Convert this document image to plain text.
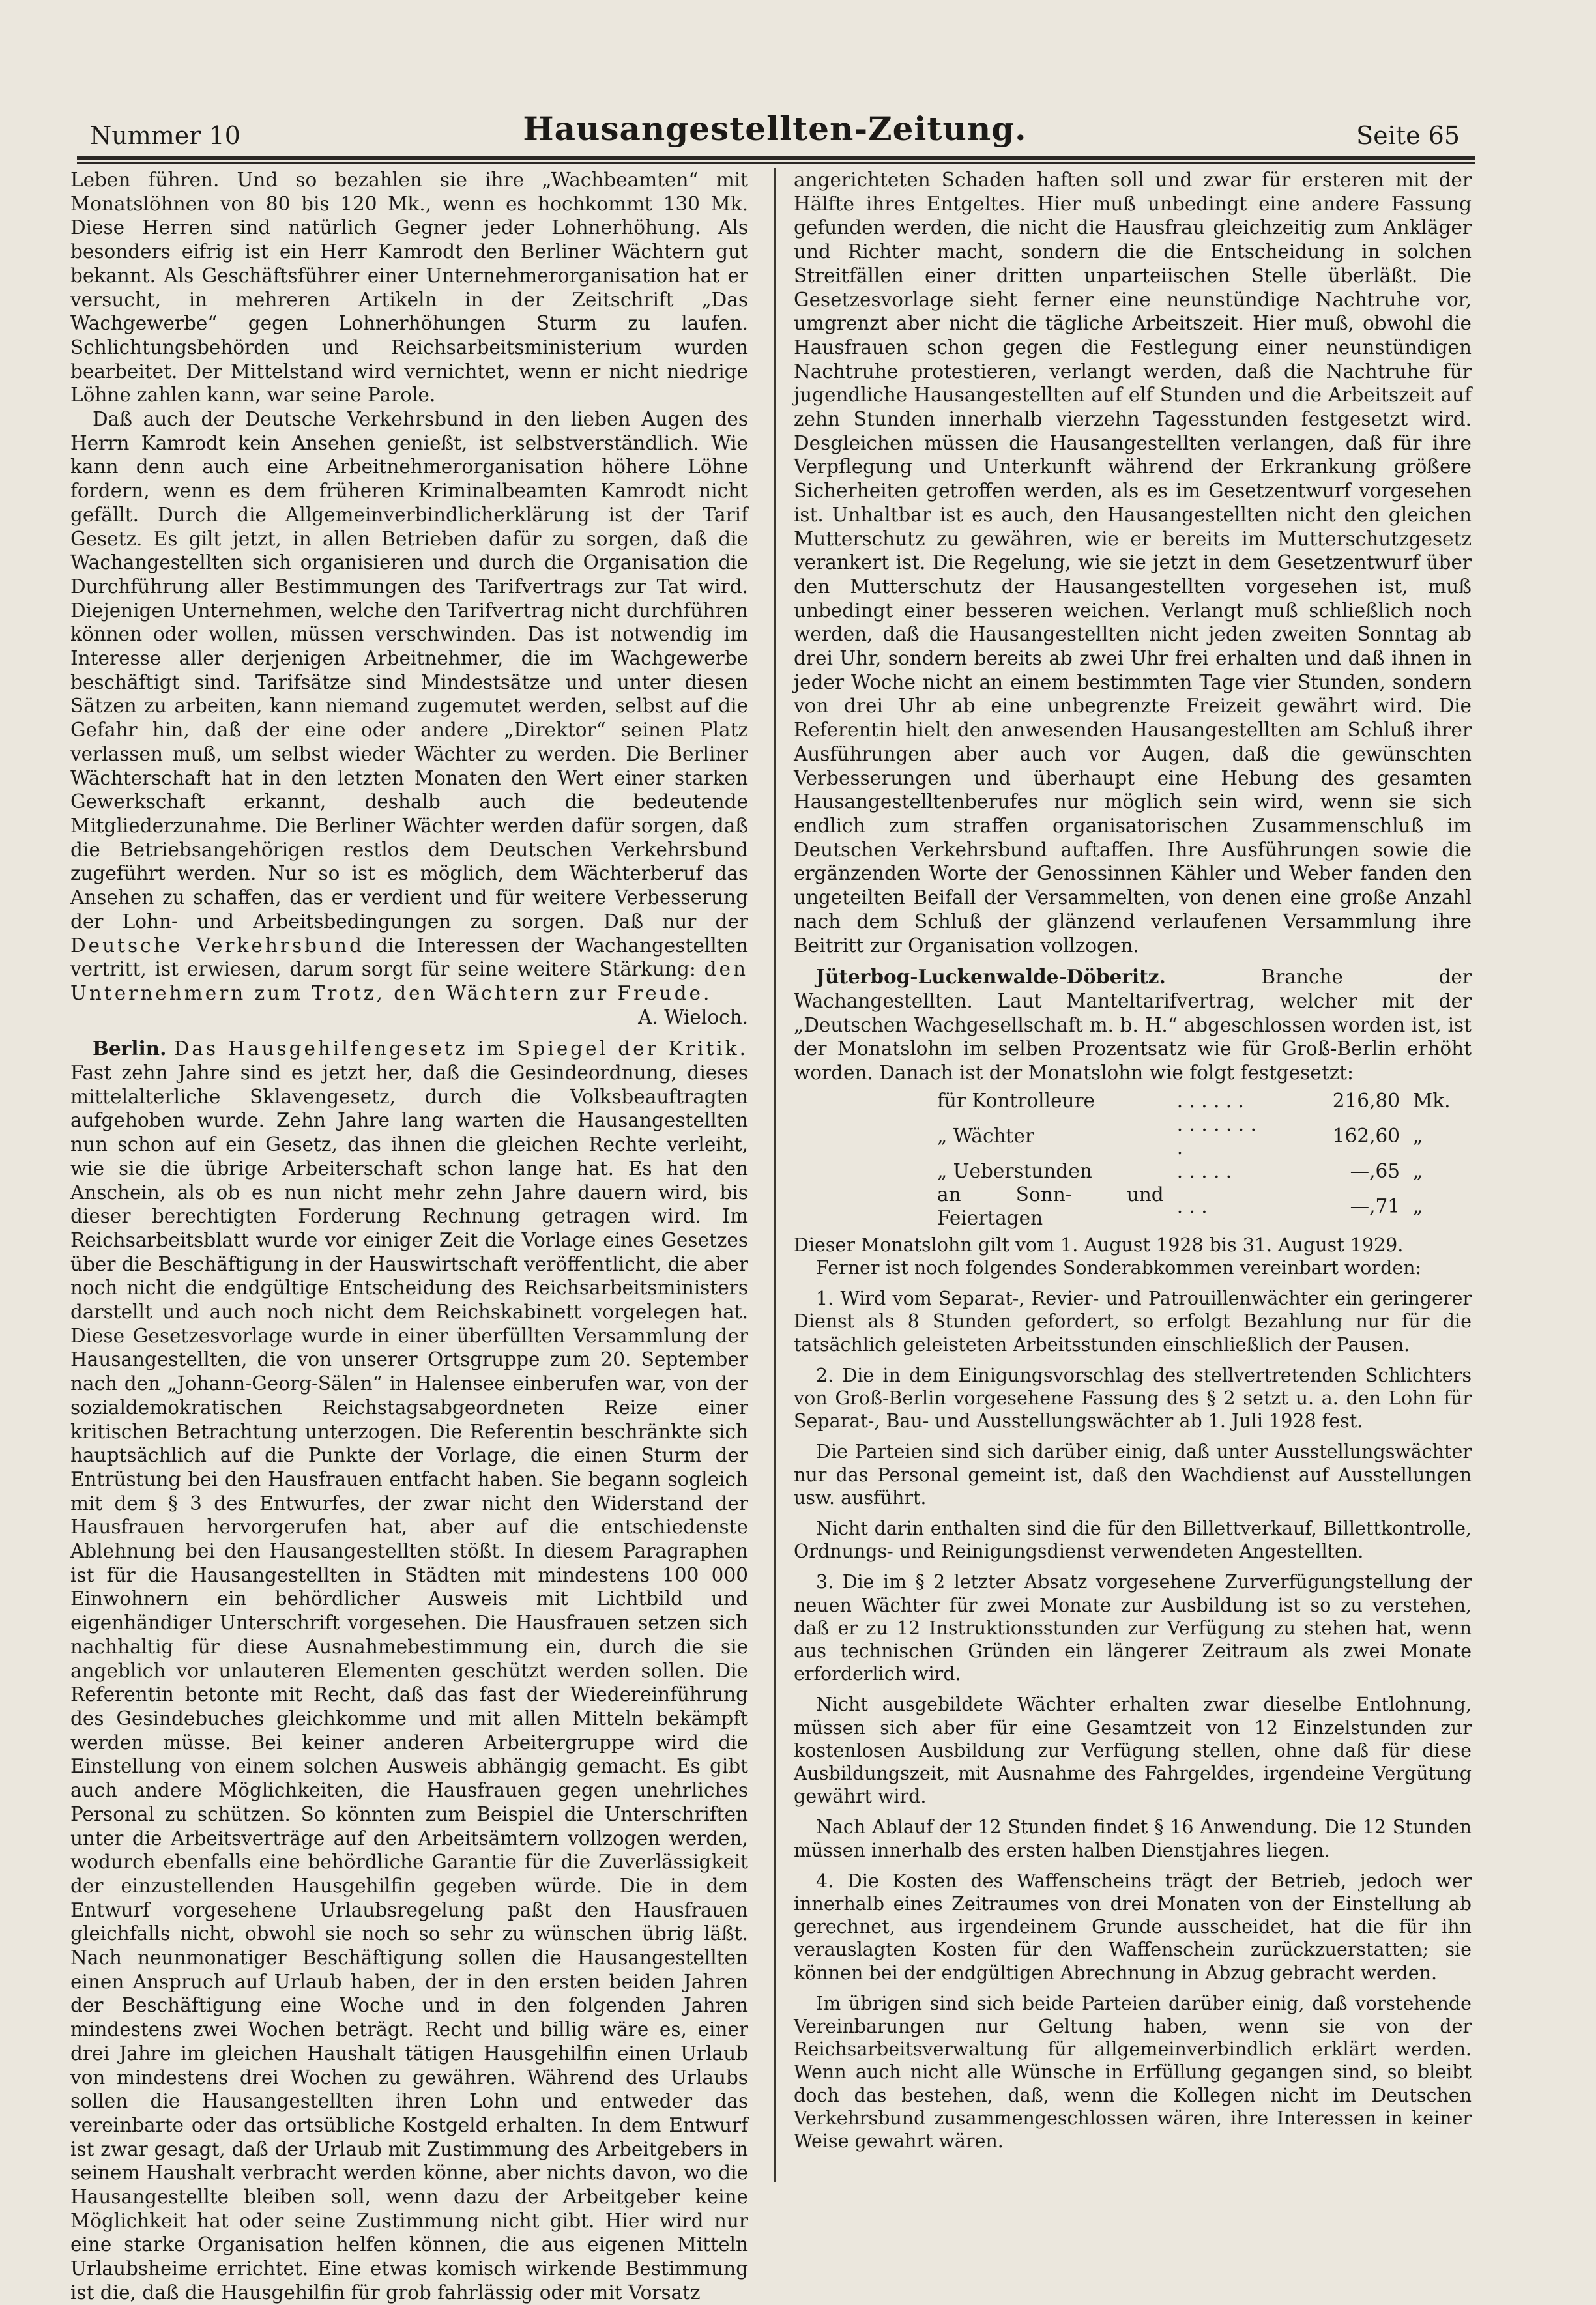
Nummer 10	Hausangestellten-Zeitung.	Seite 65

Leben führen. Und so bezahlen sie ihre „Wachbeamten“ mit Monatslöhnen von 80 bis 120 Mk., wenn es hochkommt 130 Mk. Diese Herren sind natürlich Gegner jeder Lohnerhöhung. Als besonders eifrig ist ein Herr Kamrodt den Berliner Wächtern gut bekannt. Als Geschäftsführer einer Unternehmerorganisation hat er versucht, in mehreren Artikeln in der Zeitschrift „Das Wachgewerbe“ gegen Lohnerhöhungen Sturm zu laufen. Schlichtungsbehörden und Reichsarbeitsministerium wurden bearbeitet. Der Mittelstand wird vernichtet, wenn er nicht niedrige Löhne zahlen kann, war seine Parole.

Daß auch der Deutsche Verkehrsbund in den lieben Augen des Herrn Kamrodt kein Ansehen genießt, ist selbstverständlich. Wie kann denn auch eine Arbeitnehmerorganisation höhere Löhne fordern, wenn es dem früheren Kriminalbeamten Kamrodt nicht gefällt. Durch die Allgemeinverbindlicherklärung ist der Tarif Gesetz. Es gilt jetzt, in allen Betrieben dafür zu sorgen, daß die Wachangestellten sich organisieren und durch die Organisation die Durchführung aller Bestimmungen des Tarifvertrags zur Tat wird. Diejenigen Unternehmen, welche den Tarifvertrag nicht durchführen können oder wollen, müssen verschwinden. Das ist notwendig im Interesse aller derjenigen Arbeitnehmer, die im Wachgewerbe beschäftigt sind. Tarifsätze sind Mindestsätze und unter diesen Sätzen zu arbeiten, kann niemand zugemutet werden, selbst auf die Gefahr hin, daß der eine oder andere „Direktor“ seinen Platz verlassen muß, um selbst wieder Wächter zu werden. Die Berliner Wächterschaft hat in den letzten Monaten den Wert einer starken Gewerkschaft erkannt, deshalb auch die bedeutende Mitgliederzunahme. Die Berliner Wächter werden dafür sorgen, daß die Betriebsangehörigen restlos dem Deutschen Verkehrsbund zugeführt werden. Nur so ist es möglich, dem Wächterberuf das Ansehen zu schaffen, das er verdient und für weitere Verbesserung der Lohn- und Arbeitsbedingungen zu sorgen. Daß nur der Deutsche Verkehrsbund die Interessen der Wachangestellten vertritt, ist erwiesen, darum sorgt für seine weitere Stärkung: den Unternehmern zum Trotz, den Wächtern zur Freude.

A. Wieloch.

Berlin. Das Hausgehilfengesetz im Spiegel der Kritik. Fast zehn Jahre sind es jetzt her, daß die Gesindeordnung, dieses mittelalterliche Sklavengesetz, durch die Volksbeauftragten aufgehoben wurde. Zehn Jahre lang warten die Hausangestellten nun schon auf ein Gesetz, das ihnen die gleichen Rechte verleiht, wie sie die übrige Arbeiterschaft schon lange hat. Es hat den Anschein, als ob es nun nicht mehr zehn Jahre dauern wird, bis dieser berechtigten Forderung Rechnung getragen wird. Im Reichsarbeitsblatt wurde vor einiger Zeit die Vorlage eines Gesetzes über die Beschäftigung in der Hauswirtschaft veröffentlicht, die aber noch nicht die endgültige Entscheidung des Reichsarbeitsministers darstellt und auch noch nicht dem Reichskabinett vorgelegen hat. Diese Gesetzesvorlage wurde in einer überfüllten Versammlung der Hausangestellten, die von unserer Ortsgruppe zum 20. September nach den „Johann-Georg-Sälen“ in Halensee einberufen war, von der sozialdemokratischen Reichstagsabgeordneten Reize einer kritischen Betrachtung unterzogen. Die Referentin beschränkte sich hauptsächlich auf die Punkte der Vorlage, die einen Sturm der Entrüstung bei den Hausfrauen entfacht haben. Sie begann sogleich mit dem § 3 des Entwurfes, der zwar nicht den Widerstand der Hausfrauen hervorgerufen hat, aber auf die entschiedenste Ablehnung bei den Hausangestellten stößt. In diesem Paragraphen ist für die Hausangestellten in Städten mit mindestens 100 000 Einwohnern ein behördlicher Ausweis mit Lichtbild und eigenhändiger Unterschrift vorgesehen. Die Hausfrauen setzen sich nachhaltig für diese Ausnahmebestimmung ein, durch die sie angeblich vor unlauteren Elementen geschützt werden sollen. Die Referentin betonte mit Recht, daß das fast der Wiedereinführung des Gesindebuches gleichkomme und mit allen Mitteln bekämpft werden müsse. Bei keiner anderen Arbeitergruppe wird die Einstellung von einem solchen Ausweis abhängig gemacht. Es gibt auch andere Möglichkeiten, die Hausfrauen gegen unehrliches Personal zu schützen. So könnten zum Beispiel die Unterschriften unter die Arbeitsverträge auf den Arbeitsämtern vollzogen werden, wodurch ebenfalls eine behördliche Garantie für die Zuverlässigkeit der einzustellenden Hausgehilfin gegeben würde. Die in dem Entwurf vorgesehene Urlaubsregelung paßt den Hausfrauen gleichfalls nicht, obwohl sie noch so sehr zu wünschen übrig läßt. Nach neunmonatiger Beschäftigung sollen die Hausangestellten einen Anspruch auf Urlaub haben, der in den ersten beiden Jahren der Beschäftigung eine Woche und in den folgenden Jahren mindestens zwei Wochen beträgt. Recht und billig wäre es, einer drei Jahre im gleichen Haushalt tätigen Hausgehilfin einen Urlaub von mindestens drei Wochen zu gewähren. Während des Urlaubs sollen die Hausangestellten ihren Lohn und entweder das vereinbarte oder das ortsübliche Kostgeld erhalten. In dem Entwurf ist zwar gesagt, daß der Urlaub mit Zustimmung des Arbeitgebers in seinem Haushalt verbracht werden könne, aber nichts davon, wo die Hausangestellte bleiben soll, wenn dazu der Arbeitgeber keine Möglichkeit hat oder seine Zustimmung nicht gibt. Hier wird nur eine starke Organisation helfen können, die aus eigenen Mitteln Urlaubsheime errichtet. Eine etwas komisch wirkende Bestimmung ist die, daß die Hausgehilfin für grob fahrlässig oder mit Vorsatz

angerichteten Schaden haften soll und zwar für ersteren mit der Hälfte ihres Entgeltes. Hier muß unbedingt eine andere Fassung gefunden werden, die nicht die Hausfrau gleichzeitig zum Ankläger und Richter macht, sondern die die Entscheidung in solchen Streitfällen einer dritten unparteiischen Stelle überläßt. Die Gesetzesvorlage sieht ferner eine neunstündige Nachtruhe vor, umgrenzt aber nicht die tägliche Arbeitszeit. Hier muß, obwohl die Hausfrauen schon gegen die Festlegung einer neunstündigen Nachtruhe protestieren, verlangt werden, daß die Nachtruhe für jugendliche Hausangestellten auf elf Stunden und die Arbeitszeit auf zehn Stunden innerhalb vierzehn Tagesstunden festgesetzt wird. Desgleichen müssen die Hausangestellten verlangen, daß für ihre Verpflegung und Unterkunft während der Erkrankung größere Sicherheiten getroffen werden, als es im Gesetzentwurf vorgesehen ist. Unhaltbar ist es auch, den Hausangestellten nicht den gleichen Mutterschutz zu gewähren, wie er bereits im Mutterschutzgesetz verankert ist. Die Regelung, wie sie jetzt in dem Gesetzentwurf über den Mutterschutz der Hausangestellten vorgesehen ist, muß unbedingt einer besseren weichen. Verlangt muß schließlich noch werden, daß die Hausangestellten nicht jeden zweiten Sonntag ab drei Uhr, sondern bereits ab zwei Uhr frei erhalten und daß ihnen in jeder Woche nicht an einem bestimmten Tage vier Stunden, sondern von drei Uhr ab eine unbegrenzte Freizeit gewährt wird. Die Referentin hielt den anwesenden Hausangestellten am Schluß ihrer Ausführungen aber auch vor Augen, daß die gewünschten Verbesserungen und überhaupt eine Hebung des gesamten Hausangestelltenberufes nur möglich sein wird, wenn sie sich endlich zum straffen organisatorischen Zusammenschluß im Deutschen Verkehrsbund auftaffen. Ihre Ausführungen sowie die ergänzenden Worte der Genossinnen Kähler und Weber fanden den ungeteilten Beifall der Versammelten, von denen eine große Anzahl nach dem Schluß der glänzend verlaufenen Versammlung ihre Beitritt zur Organisation vollzogen.

Jüterbog-Luckenwalde-Döberitz.	Branche der Wachangestellten. Laut Manteltarifvertrag, welcher mit der „Deutschen Wachgesellschaft m. b. H.“ abgeschlossen worden ist, ist der Monatslohn im selben Prozentsatz wie für Groß-Berlin erhöht worden. Danach ist der Monatslohn wie folgt festgesetzt:

für Kontrolleure	. . . . . .	216,80	Mk.
„ Wächter	. . . . . . . .	162,60	„
„ Ueberstunden	. . . . .	—,65	„
an Sonn- und Feiertagen	. . .	—,71	„

Dieser Monatslohn gilt vom 1. August 1928 bis 31. August 1929.

Ferner ist noch folgendes Sonderabkommen vereinbart worden:

1. Wird vom Separat-, Revier- und Patrouillenwächter ein geringerer Dienst als 8 Stunden gefordert, so erfolgt Bezahlung nur für die tatsächlich geleisteten Arbeitsstunden einschließlich der Pausen.

2. Die in dem Einigungsvorschlag des stellvertretenden Schlichters von Groß-Berlin vorgesehene Fassung des § 2 setzt u. a. den Lohn für Separat-, Bau- und Ausstellungswächter ab 1. Juli 1928 fest.

Die Parteien sind sich darüber einig, daß unter Ausstellungswächter nur das Personal gemeint ist, daß den Wachdienst auf Ausstellungen usw. ausführt.

Nicht darin enthalten sind die für den Billettverkauf, Billettkontrolle, Ordnungs- und Reinigungsdienst verwendeten Angestellten.

3. Die im § 2 letzter Absatz vorgesehene Zurverfügungstellung der neuen Wächter für zwei Monate zur Ausbildung ist so zu verstehen, daß er zu 12 Instruktionsstunden zur Verfügung zu stehen hat, wenn aus technischen Gründen ein längerer Zeitraum als zwei Monate erforderlich wird.

Nicht ausgebildete Wächter erhalten zwar dieselbe Entlohnung, müssen sich aber für eine Gesamtzeit von 12 Einzelstunden zur kostenlosen Ausbildung zur Verfügung stellen, ohne daß für diese Ausbildungszeit, mit Ausnahme des Fahrgeldes, irgendeine Vergütung gewährt wird.

Nach Ablauf der 12 Stunden findet § 16 Anwendung. Die 12 Stunden müssen innerhalb des ersten halben Dienstjahres liegen.

4. Die Kosten des Waffenscheins trägt der Betrieb, jedoch wer innerhalb eines Zeitraumes von drei Monaten von der Einstellung ab gerechnet, aus irgendeinem Grunde ausscheidet, hat die für ihn verauslagten Kosten für den Waffenschein zurückzuerstatten; sie können bei der endgültigen Abrechnung in Abzug gebracht werden.

Im übrigen sind sich beide Parteien darüber einig, daß vorstehende Vereinbarungen nur Geltung haben, wenn sie von der Reichsarbeitsverwaltung für allgemeinverbindlich erklärt werden. Wenn auch nicht alle Wünsche in Erfüllung gegangen sind, so bleibt doch das bestehen, daß, wenn die Kollegen nicht im Deutschen Verkehrsbund zusammengeschlossen wären, ihre Interessen in keiner Weise gewahrt wären.
